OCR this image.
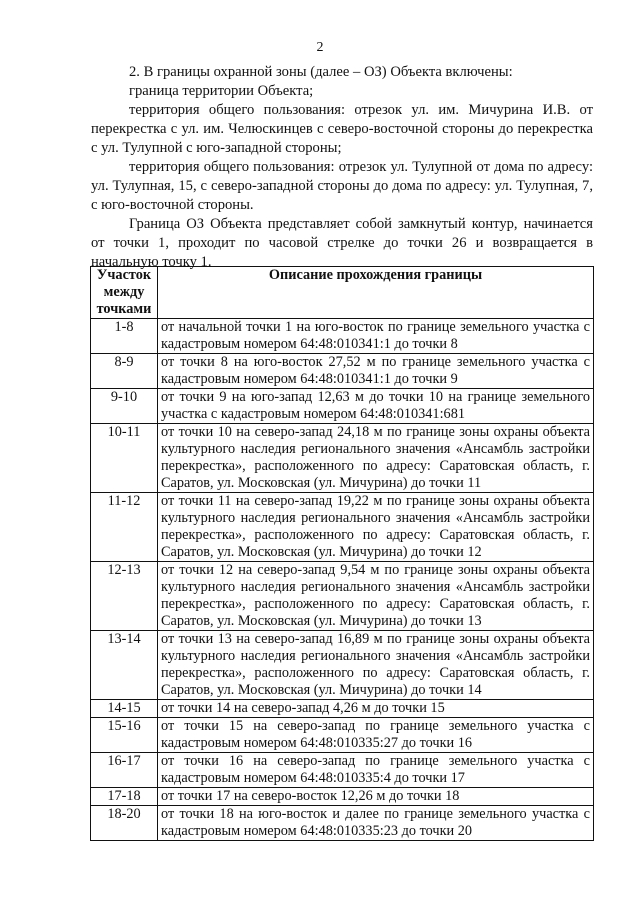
2

2. В границы охранной зоны (далее – ОЗ) Объекта включены:

граница территории Объекта;

территория общего пользования: отрезок ул. им. Мичурина И.В. от перекрестка с ул. им. Челюскинцев с северо-восточной стороны до перекрестка с ул. Тулупной с юго-западной стороны;

территория общего пользования: отрезок ул. Тулупной от дома по адресу: ул. Тулупная, 15, с северо-западной стороны до дома по адресу: ул. Тулупная, 7, с юго-восточной стороны.

Граница ОЗ Объекта представляет собой замкнутый контур, начинается от точки 1, проходит по часовой стрелке до точки 26 и возвращается в начальную точку 1.

Участок между точками	Описание прохождения границы
1-8	от начальной точки 1 на юго-восток по границе земельного участка с кадастровым номером 64:48:010341:1 до точки 8
8-9	от точки 8 на юго-восток 27,52 м по границе земельного участка с кадастровым номером 64:48:010341:1 до точки 9
9-10	от точки 9 на юго-запад 12,63 м до точки 10 на границе земельного участка с кадастровым номером 64:48:010341:681
10-11	от точки 10 на северо-запад 24,18 м по границе зоны охраны объекта культурного наследия регионального значения «Ансамбль застройки перекрестка», расположенного по адресу: Саратовская область, г. Саратов, ул. Московская (ул. Мичурина) до точки 11
11-12	от точки 11 на северо-запад 19,22 м по границе зоны охраны объекта культурного наследия регионального значения «Ансамбль застройки перекрестка», расположенного по адресу: Саратовская область, г. Саратов, ул. Московская (ул. Мичурина) до точки 12
12-13	от точки 12 на северо-запад 9,54 м по границе зоны охраны объекта культурного наследия регионального значения «Ансамбль застройки перекрестка», расположенного по адресу: Саратовская область, г. Саратов, ул. Московская (ул. Мичурина) до точки 13
13-14	от точки 13 на северо-запад 16,89 м по границе зоны охраны объекта культурного наследия регионального значения «Ансамбль застройки перекрестка», расположенного по адресу: Саратовская область, г. Саратов, ул. Московская (ул. Мичурина) до точки 14
14-15	от точки 14 на северо-запад 4,26 м до точки 15
15-16	от точки 15 на северо-запад по границе земельного участка с кадастровым номером 64:48:010335:27 до точки 16
16-17	от точки 16 на северо-запад по границе земельного участка с кадастровым номером 64:48:010335:4 до точки 17
17-18	от точки 17 на северо-восток 12,26 м до точки 18
18-20	от точки 18 на юго-восток и далее по границе земельного участка с кадастровым номером 64:48:010335:23 до точки 20
